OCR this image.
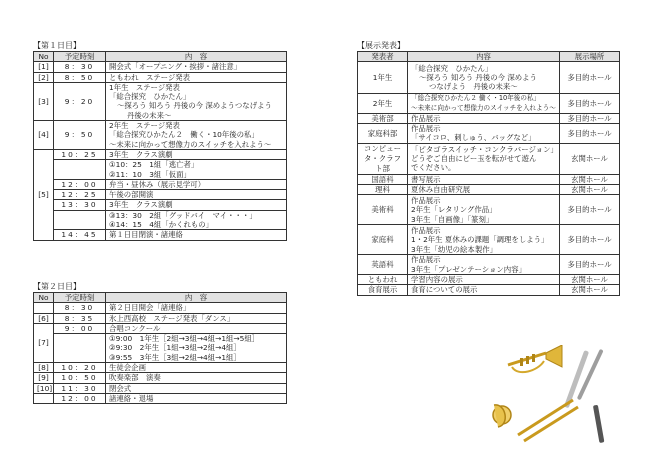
【第１日目】
No	予定時刻	内　容
[1]	8：30	開会式「オープニング・挨拶・諸注意」

[2]	8：50	ともわれ　ステージ発表

[3]	9：20	1年生　ステージ発表
「総合探究　ひかたん」
～探ろう 知ろう 丹後の今 深めようつなげよう
丹後の未来～

[4]	9：50	2年生　ステージ発表
「総合探究ひかたん２　働く・10年後の私」
～未来に向かって想像力のスイッチを入れよう～

[5]	10：25	3年生　クラス演劇

		①10：25　1組「逃亡者」
②11：10　3組「仮面」

	12：00	弁当・昼休み（展示見学可）

	12：25	午後の部開演

	13：30	3年生　クラス演劇

		③13：30　2組「グッドバイ　マイ・・・」
④14：15　4組「かくれもの」

	14：45	第１日目閉演・諸連絡
【第２日目】
No	予定時刻	内　容
	8：30	第２日目開会「諸連絡」

[6]	8：35	氷上西高校　ステージ発表「ダンス」

[7]	9：00	合唱コンクール

		①9:00　1年生［2組→3組→4組→1組→5組］
②9:30　2年生［1組→3組→2組→4組］
③9:55　3年生［3組→2組→4組→1組］

[8]	10：20	生徒会企画

[9]	10：50	吹奏楽部　演奏

[10]	11：30	閉会式

	12：00	諸連絡・退場
【展示発表】
発表者	内容	展示場所
1年生	「総合探究　ひかたん」
～探ろう 知ろう 丹後の今 深めよう
つなげよう　丹後の未来～	多目的ホール
2年生	「総合探究ひかたん２ 働く・10年後の私」
～未来に向かって想像力のスイッチを入れよう～	多目的ホール
美術部	作品展示	多目的ホール
家庭科部	作品展示
「サイコロ、刺しゅう、バッグなど」	多目的ホール
コンピュータ・クラフト部	「ピタゴラスイッチ・コンクラバージョン」
どうぞご自由にビー玉を転がせて遊ん
でください。	玄関ホール
国語科	書写展示	玄関ホール
理科	夏休み自由研究展	玄関ホール
美術科	作品展示
2年生「レタリング作品」
3年生「自画像」「篆刻」	多目的ホール
家庭科	作品展示
1・2年生 夏休みの課題「調理をしよう」
3年生「幼児の絵本製作」	多目的ホール
英語科	作品展示
3年生「プレゼンテーション内容」	多目的ホール
ともわれ	学習内容の展示	玄関ホール
食育展示	食育についての展示	玄関ホール
